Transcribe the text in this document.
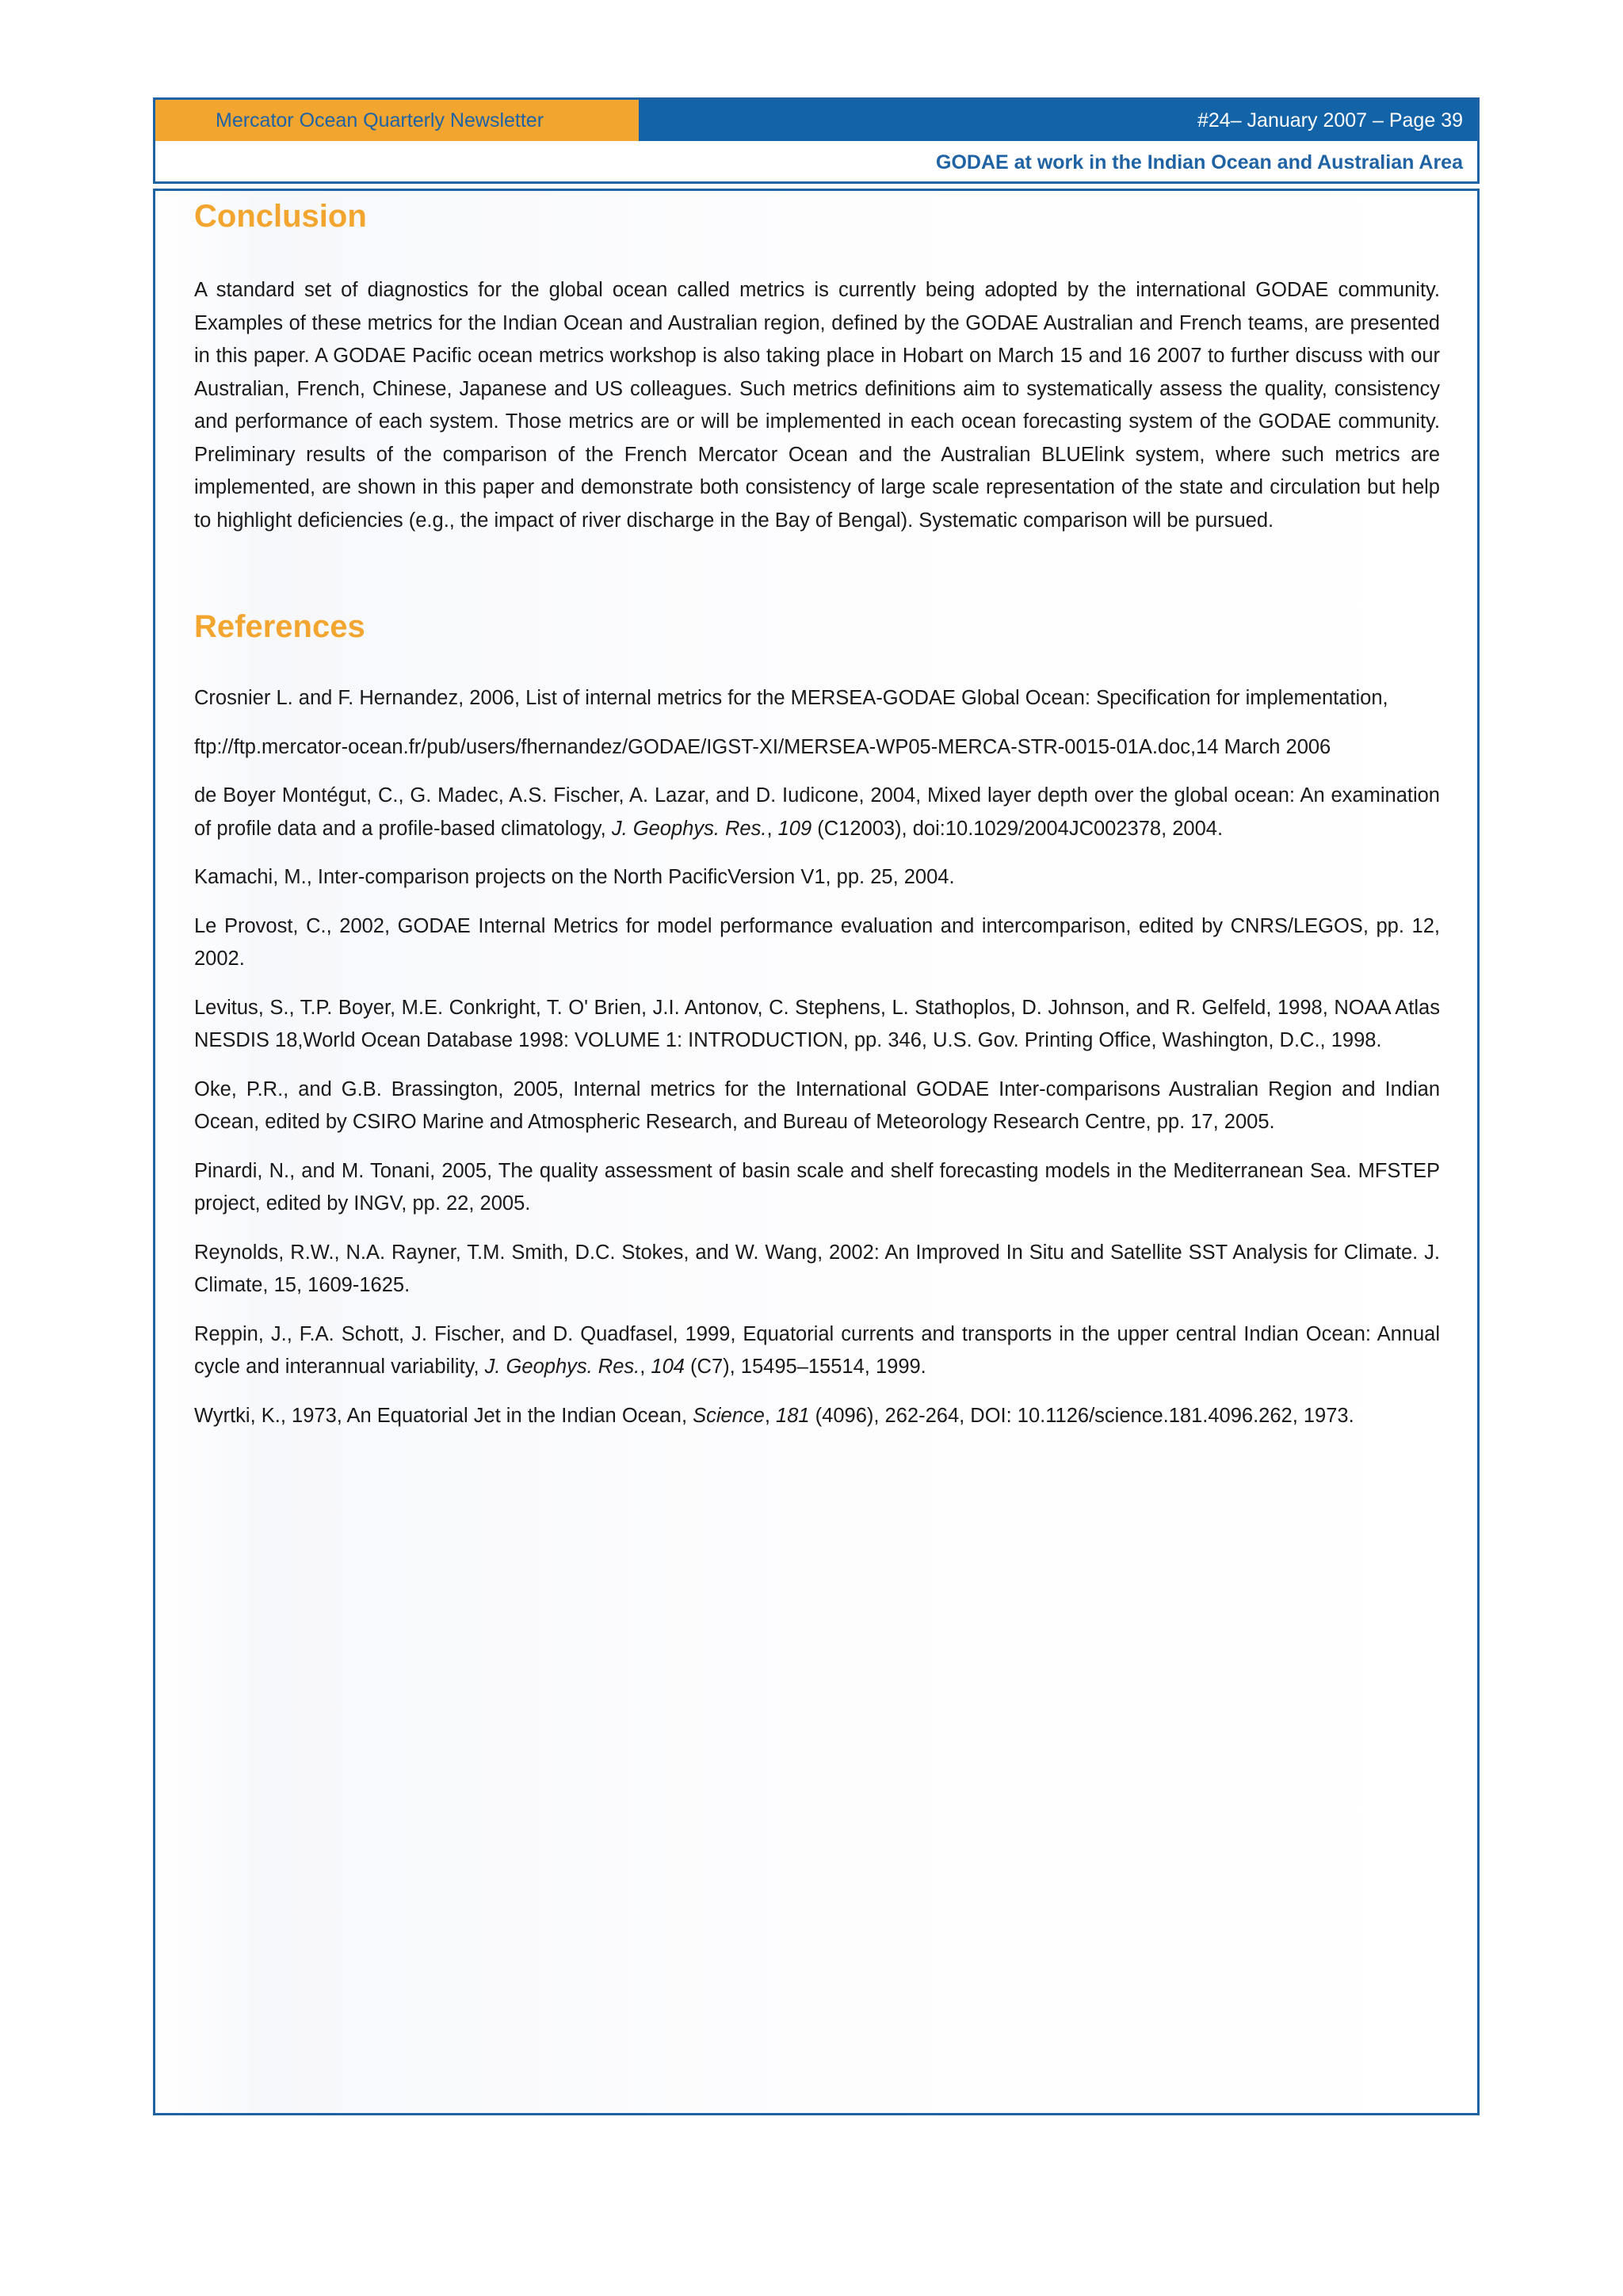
Mercator Ocean Quarterly Newsletter	#24– January 2007 – Page 39
GODAE at work in the Indian Ocean and Australian Area
Conclusion

A standard set of diagnostics for the global ocean called metrics is currently being adopted by the international GODAE community. Examples of these metrics for the Indian Ocean and Australian region, defined by the GODAE Australian and French teams, are presented in this paper. A GODAE Pacific ocean metrics workshop is also taking place in Hobart on March 15 and 16 2007 to further discuss with our Australian, French, Chinese, Japanese and US colleagues. Such metrics definitions aim to systematically assess the quality, consistency and performance of each system. Those metrics are or will be implemented in each ocean forecasting system of the GODAE community. Preliminary results of the comparison of the French Mercator Ocean and the Australian BLUElink system, where such metrics are implemented, are shown in this paper and demonstrate both consistency of large scale representation of the state and circulation but help to highlight deficiencies (e.g., the impact of river discharge in the Bay of Bengal). Systematic comparison will be pursued.

References

Crosnier L. and F. Hernandez, 2006, List of internal metrics for the MERSEA-GODAE Global Ocean: Specification for implementation,

ftp://ftp.mercator-ocean.fr/pub/users/fhernandez/GODAE/IGST-XI/MERSEA-WP05-MERCA-STR-0015-01A.doc,14 March 2006

de Boyer Montégut, C., G. Madec, A.S. Fischer, A. Lazar, and D. Iudicone, 2004, Mixed layer depth over the global ocean: An examination of profile data and a profile-based climatology, J. Geophys. Res., 109 (C12003), doi:10.1029/2004JC002378, 2004.

Kamachi, M., Inter-comparison projects on the North PacificVersion V1, pp. 25, 2004.

Le Provost, C., 2002, GODAE Internal Metrics for model performance evaluation and intercomparison, edited by CNRS/LEGOS, pp. 12, 2002.

Levitus, S., T.P. Boyer, M.E. Conkright, T. O' Brien, J.I. Antonov, C. Stephens, L. Stathoplos, D. Johnson, and R. Gelfeld, 1998, NOAA Atlas NESDIS 18,World Ocean Database 1998: VOLUME 1: INTRODUCTION, pp. 346, U.S. Gov. Printing Office, Washington, D.C., 1998.

Oke, P.R., and G.B. Brassington, 2005, Internal metrics for the International GODAE Inter-comparisons Australian Region and Indian Ocean, edited by CSIRO Marine and Atmospheric Research, and Bureau of Meteorology Research Centre, pp. 17, 2005.

Pinardi, N., and M. Tonani, 2005, The quality assessment of basin scale and shelf forecasting models in the Mediterranean Sea. MFSTEP project, edited by INGV, pp. 22, 2005.

Reynolds, R.W., N.A. Rayner, T.M. Smith, D.C. Stokes, and W. Wang, 2002: An Improved In Situ and Satellite SST Analysis for Climate. J. Climate, 15, 1609-1625.

Reppin, J., F.A. Schott, J. Fischer, and D. Quadfasel, 1999, Equatorial currents and transports in the upper central Indian Ocean: Annual cycle and interannual variability, J. Geophys. Res., 104 (C7), 15495–15514, 1999.

Wyrtki, K., 1973, An Equatorial Jet in the Indian Ocean, Science, 181 (4096), 262-264, DOI: 10.1126/science.181.4096.262, 1973.
